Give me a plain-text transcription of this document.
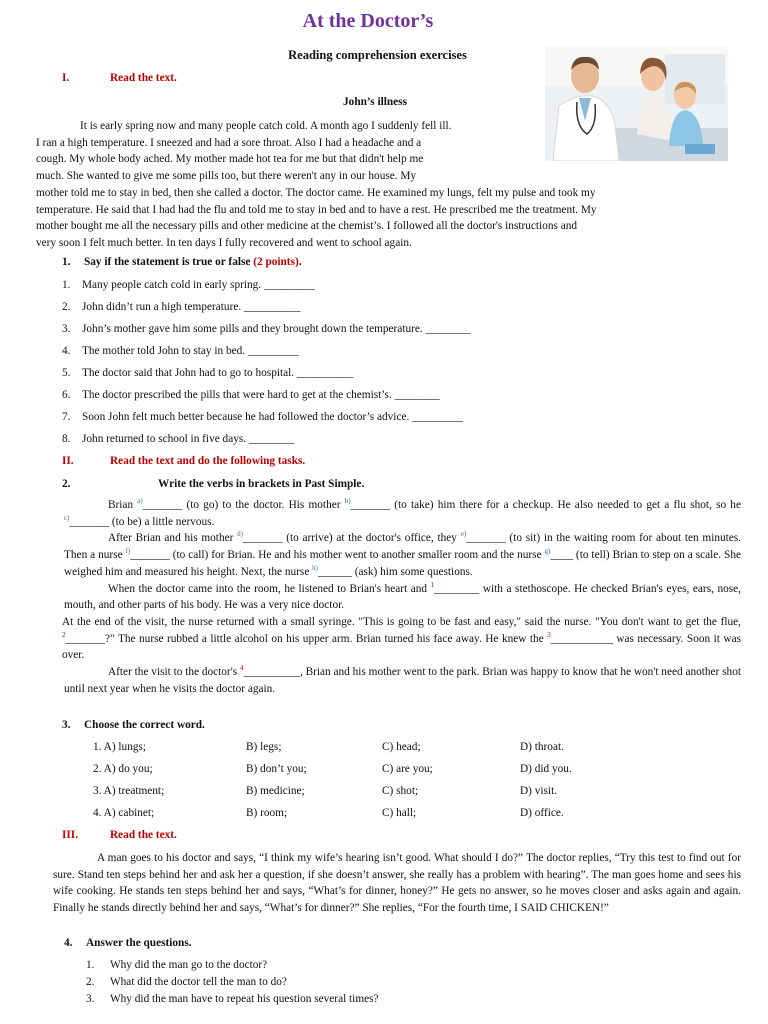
At the Doctor’s
Reading comprehension exercises
I.	Read the text.
John’s illness

It is early spring now and many people catch cold. A month ago I suddenly fell ill.

I ran a high temperature. I sneezed and had a sore throat. Also I had a headache and a

cough. My whole body ached. My mother made hot tea for me but that didn't help me

much. She wanted to give me some pills too, but there weren't any in our house. My

mother told me to stay in bed, then she called a doctor. The doctor came. He examined my lungs, felt my pulse and took my

temperature. He said that I had had the flu and told me to stay in bed and to have a rest. He prescribed me the treatment. My

mother bought me all the necessary pills and other medicine at the chemist’s. I followed all the doctor's instructions and

very soon I felt much better. In ten days I fully recovered and went to school again.

1. Say if the statement is true or false (2 points).
1. Many people catch cold in early spring. _________
2. John didn’t run a high temperature. __________
3. John’s mother gave him some pills and they brought down the temperature. ________
4. The mother told John to stay in bed. _________
5. The doctor said that John had to go to hospital. __________
6. The doctor prescribed the pills that were hard to get at the chemist’s. ________
7. Soon John felt much better because he had followed the doctor’s advice. _________
8. John returned to school in five days. ________
II.	Read the text and do the following tasks.
2.	Write the verbs in brackets in Past Simple.

Brian $^{a)}$_______ (to go) to the doctor. His mother $^{b)}$_______ (to take) him there for a checkup. He also needed to get a flu shot, so he $^{c)}$_______ (to be) a little nervous.

After Brian and his mother $^{d)}$_______ (to arrive) at the doctor's office, they $^{e)}$_______ (to sit) in the waiting room for about ten minutes. Then a nurse $^{f)}$_______ (to call) for Brian. He and his mother went to another smaller room and the nurse $^{g)}$____ (to tell) Brian to step on a scale. She weighed him and measured his height. Next, the nurse $^{h)}$______ (ask) him some questions.

When the doctor came into the room, he listened to Brian's heart and $^1$________ with a stethoscope. He checked Brian's eyes, ears, nose, mouth, and other parts of his body. He was a very nice doctor.

At the end of the visit, the nurse returned with a small syringe. "This is going to be fast and easy," said the nurse. "You don't want to get the flue, $^2$_______?" The nurse rubbed a little alcohol on his upper arm. Brian turned his face away. He knew the $^3$___________ was necessary. Soon it was over.

After the visit to the doctor's $^4$__________, Brian and his mother went to the park. Brian was happy to know that he won't need another shot until next year when he visits the doctor again.

3. Choose the correct word.
1. A) lungs;	B) legs;	C) head;	D) throat.
2. A) do you;	B) don’t you;	C) are you;	D) did you.
3. A) treatment;	B) medicine;	C) shot;	D) visit.
4. A) cabinet;	B) room;	C) hall;	D) office.
III.	Read the text.

A man goes to his doctor and says, “I think my wife’s hearing isn’t good. What should I do?” The doctor replies, “Try this test to find out for sure. Stand ten steps behind her and ask her a question, if she doesn’t answer, she really has a problem with hearing”. The man goes home and sees his wife cooking. He stands ten steps behind her and says, “What’s for dinner, honey?” He gets no answer, so he moves closer and asks again and again. Finally he stands directly behind her and says, “What’s for dinner?” She replies, “For the fourth time, I SAID CHICKEN!”

4. Answer the questions.
1. Why did the man go to the doctor?
2. What did the doctor tell the man to do?
3. Why did the man have to repeat his question several times?
